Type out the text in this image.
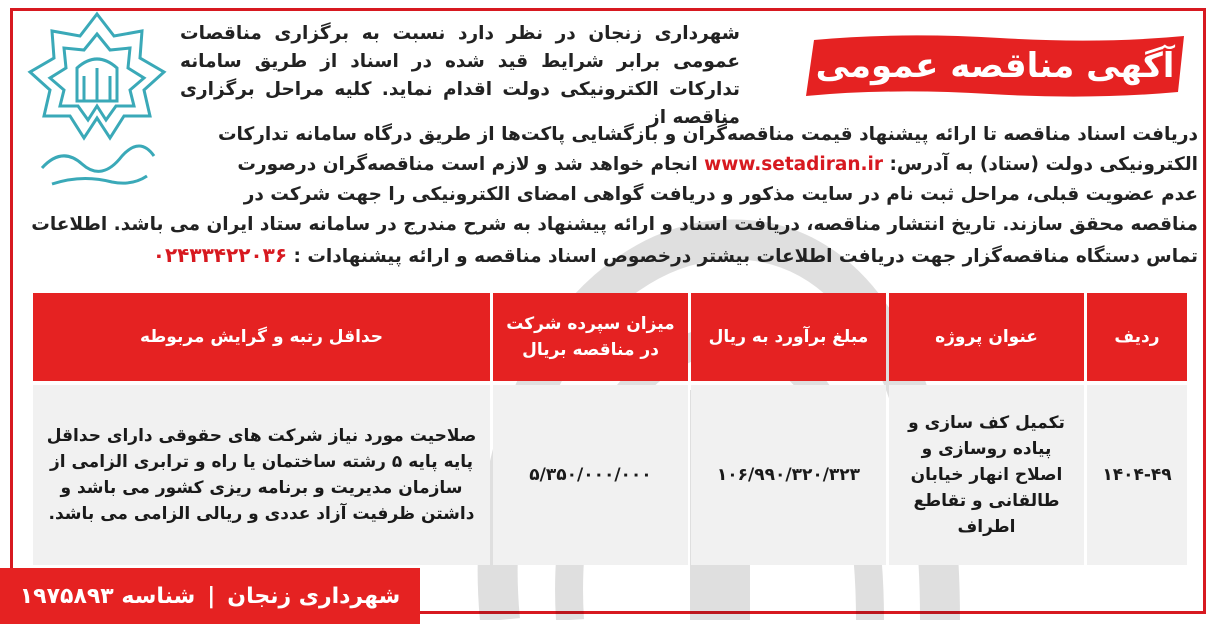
آگهی مناقصه عمومی
شهرداری زنجان در نظر دارد نسبت به برگزاری مناقصات عمومی برابر شرایط قید شده در اسناد از طریق سامانه تدارکات الکترونیکی دولت اقدام نماید. کلیه مراحل برگزاری مناقصه از
دریافت اسناد مناقصه تا ارائه پیشنهاد قیمت مناقصه‌گران و بازگشایی پاکت‌ها از طریق درگاه سامانه تدارکات
الکترونیکی دولت (ستاد) به آدرس: www.setadiran.ir انجام خواهد شد و لازم است مناقصه‌گران درصورت
عدم عضویت قبلی، مراحل ثبت نام در سایت مذکور و دریافت گواهی امضای الکترونیکی را جهت شرکت در
مناقصه محقق سازند. تاریخ انتشار مناقصه، دریافت اسناد و ارائه پیشنهاد به شرح مندرج در سامانه ستاد ایران می باشد. اطلاعات
تماس دستگاه مناقصه‌گزار جهت دریافت اطلاعات بیشتر درخصوص اسناد مناقصه و ارائه پیشنهادات : ۰۲۴۳۳۴۲۲۰۳۶
ردیف	عنوان پروژه	مبلغ برآورد به ریال	میزان سپرده شرکت در مناقصه بریال	حداقل رتبه و گرایش مربوطه

۱۴۰۴-۴۹	تکمیل کف سازی و پیاده روسازی و اصلاح انهار خیابان طالقانی و تقاطع اطراف	۱۰۶/۹۹۰/۳۲۰/۳۲۳	۵/۳۵۰/۰۰۰/۰۰۰	صلاحیت مورد نیاز شرکت های حقوقی دارای حداقل پایه پایه ۵ رشته ساختمان یا راه و ترابری الزامی از سازمان مدیریت و برنامه ریزی کشور می باشد و داشتن ظرفیت آزاد عددی و ریالی الزامی می باشد.
شهرداری زنجان
|
شناسه ۱۹۷۵۸۹۳
